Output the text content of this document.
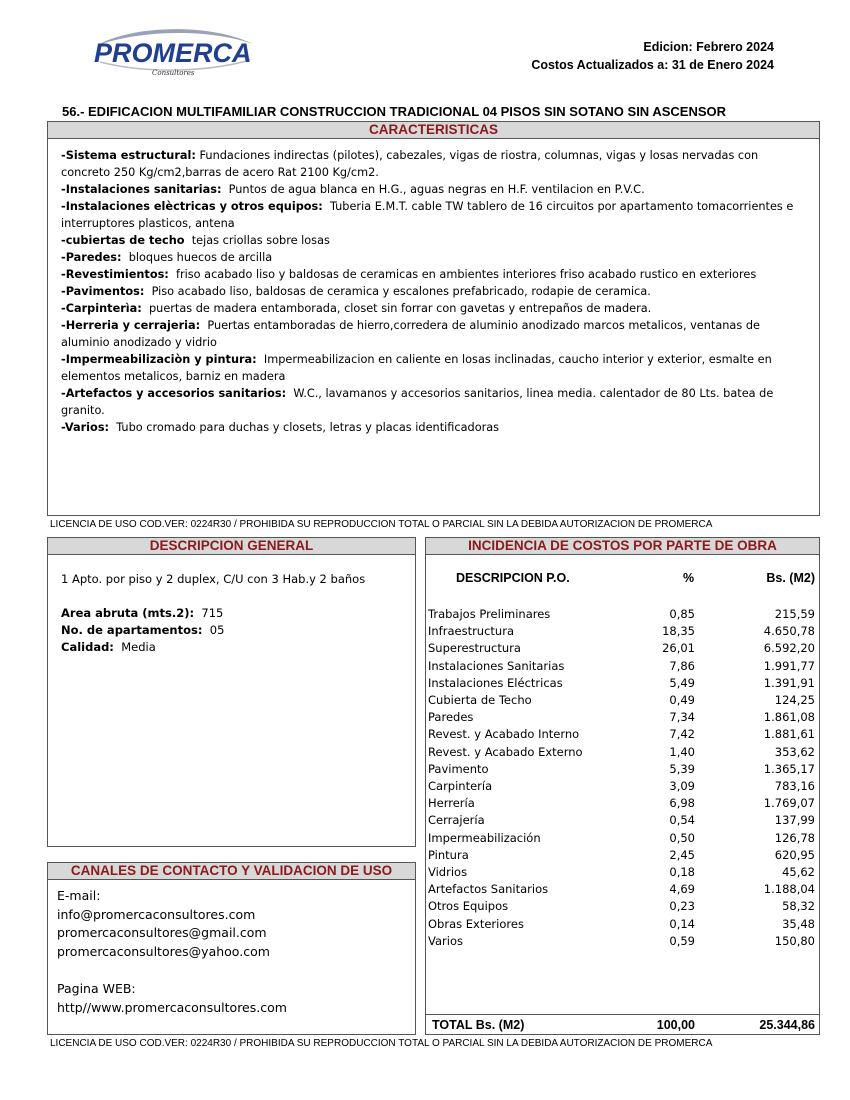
PROMERCA
Consultores
Edicion: Febrero 2024
Costos Actualizados a: 31 de Enero 2024
56.- EDIFICACION MULTIFAMILIAR CONSTRUCCION TRADICIONAL 04 PISOS SIN SOTANO SIN ASCENSOR
CARACTERISTICAS
-Sistema estructural: Fundaciones indirectas (pilotes), cabezales, vigas de riostra, columnas, vigas y losas nervadas con concreto 250 Kg/cm2,barras de acero Rat 2100 Kg/cm2.
-Instalaciones sanitarias:  Puntos de agua blanca en H.G., aguas negras en H.F. ventilacion en P.V.C.
-Instalaciones elèctricas y otros equipos:  Tuberia E.M.T. cable TW tablero de 16 circuitos por apartamento tomacorrientes e interruptores plasticos, antena
-cubiertas de techo  tejas criollas sobre losas
-Paredes:  bloques huecos de arcilla
-Revestimientos:  friso acabado liso y baldosas de ceramicas en ambientes interiores friso acabado rustico en exteriores
-Pavimentos:  Piso acabado liso, baldosas de ceramica y escalones prefabricado, rodapie de ceramica.
-Carpinterìa:  puertas de madera entamborada, closet sin forrar con gavetas y entrepaños de madera.
-Herreria y cerrajeria:  Puertas entamboradas de hierro,corredera de aluminio anodizado marcos metalicos, ventanas de aluminio anodizado y vidrio
-Impermeabilizaciòn y pintura:  Impermeabilizacion en caliente en losas inclinadas, caucho interior y exterior, esmalte en elementos metalicos, barniz en madera
-Artefactos y accesorios sanitarios:  W.C., lavamanos y accesorios sanitarios, linea media. calentador de 80 Lts. batea de granito.
-Varios:  Tubo cromado para duchas y closets, letras y placas identificadoras
LICENCIA DE USO COD.VER: 0224R30 / PROHIBIDA SU REPRODUCCION TOTAL O PARCIAL SIN LA DEBIDA AUTORIZACION DE PROMERCA
DESCRIPCION GENERAL
1 Apto. por piso y 2 duplex, C/U con 3 Hab.y 2 baños
Area abruta (mts.2):  715
No. de apartamentos:  05
Calidad:  Media
CANALES DE CONTACTO Y VALIDACION DE USO
E-mail:
info@promercaconsultores.com
promercaconsultores@gmail.com
promercaconsultores@yahoo.com
Pagina WEB:
http//www.promercaconsultores.com
INCIDENCIA DE COSTOS POR PARTE DE OBRA
DESCRIPCION P.O.	%	Bs. (M2)
Trabajos Preliminares	0,85	215,59
Infraestructura	18,35	4.650,78
Superestructura	26,01	6.592,20
Instalaciones Sanitarias	7,86	1.991,77
Instalaciones Eléctricas	5,49	1.391,91
Cubierta de Techo	0,49	124,25
Paredes	7,34	1.861,08
Revest. y Acabado Interno	7,42	1.881,61
Revest. y Acabado Externo	1,40	353,62
Pavimento	5,39	1.365,17
Carpintería	3,09	783,16
Herrería	6,98	1.769,07
Cerrajería	0,54	137,99
Impermeabilización	0,50	126,78
Pintura	2,45	620,95
Vidrios	0,18	45,62
Artefactos Sanitarios	4,69	1.188,04
Otros Equipos	0,23	58,32
Obras Exteriores	0,14	35,48
Varios	0,59	150,80
TOTAL Bs. (M2)	100,00	25.344,86
LICENCIA DE USO COD.VER: 0224R30 / PROHIBIDA SU REPRODUCCION TOTAL O PARCIAL SIN LA DEBIDA AUTORIZACION DE PROMERCA
